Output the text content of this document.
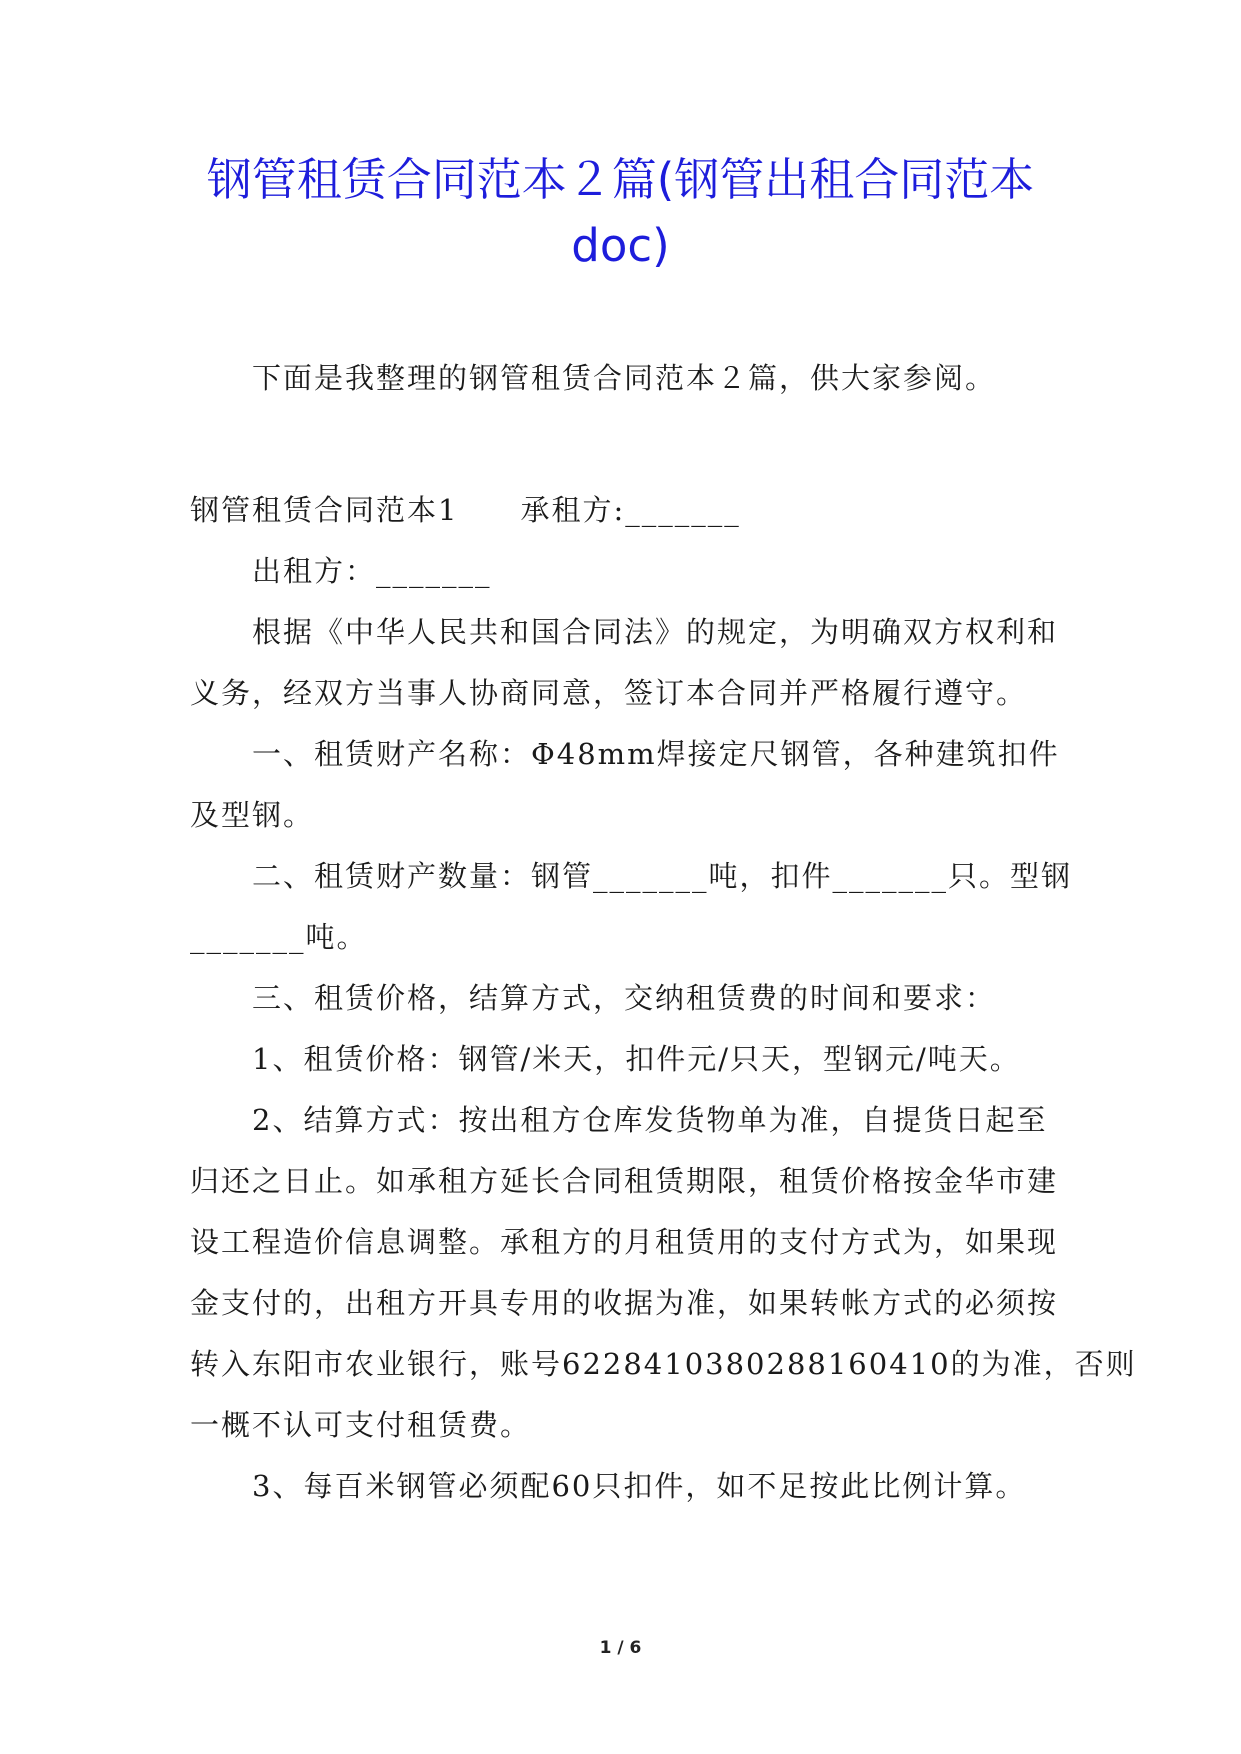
钢管租赁合同范本２篇(钢管出租合同范本
doc)
下面是我整理的钢管租赁合同范本２篇，供大家参阅。
钢管租赁合同范本1　　承租方:_______
出租方：_______
根据《中华人民共和国合同法》的规定，为明确双方权利和
义务，经双方当事人协商同意，签订本合同并严格履行遵守。
一、租赁财产名称：Φ48mm焊接定尺钢管，各种建筑扣件
及型钢。
二、租赁财产数量：钢管_______吨，扣件_______只。型钢
_______吨。
三、租赁价格，结算方式，交纳租赁费的时间和要求：
1、租赁价格：钢管/米天，扣件元/只天，型钢元/吨天。
2、结算方式：按出租方仓库发货物单为准，自提货日起至
归还之日止。如承租方延长合同租赁期限，租赁价格按金华市建
设工程造价信息调整。承租方的月租赁用的支付方式为，如果现
金支付的，出租方开具专用的收据为准，如果转帐方式的必须按
转入东阳市农业银行，账号6228410380288160410的为准，否则
一概不认可支付租赁费。
3、每百米钢管必须配60只扣件，如不足按此比例计算。
1 / 6
